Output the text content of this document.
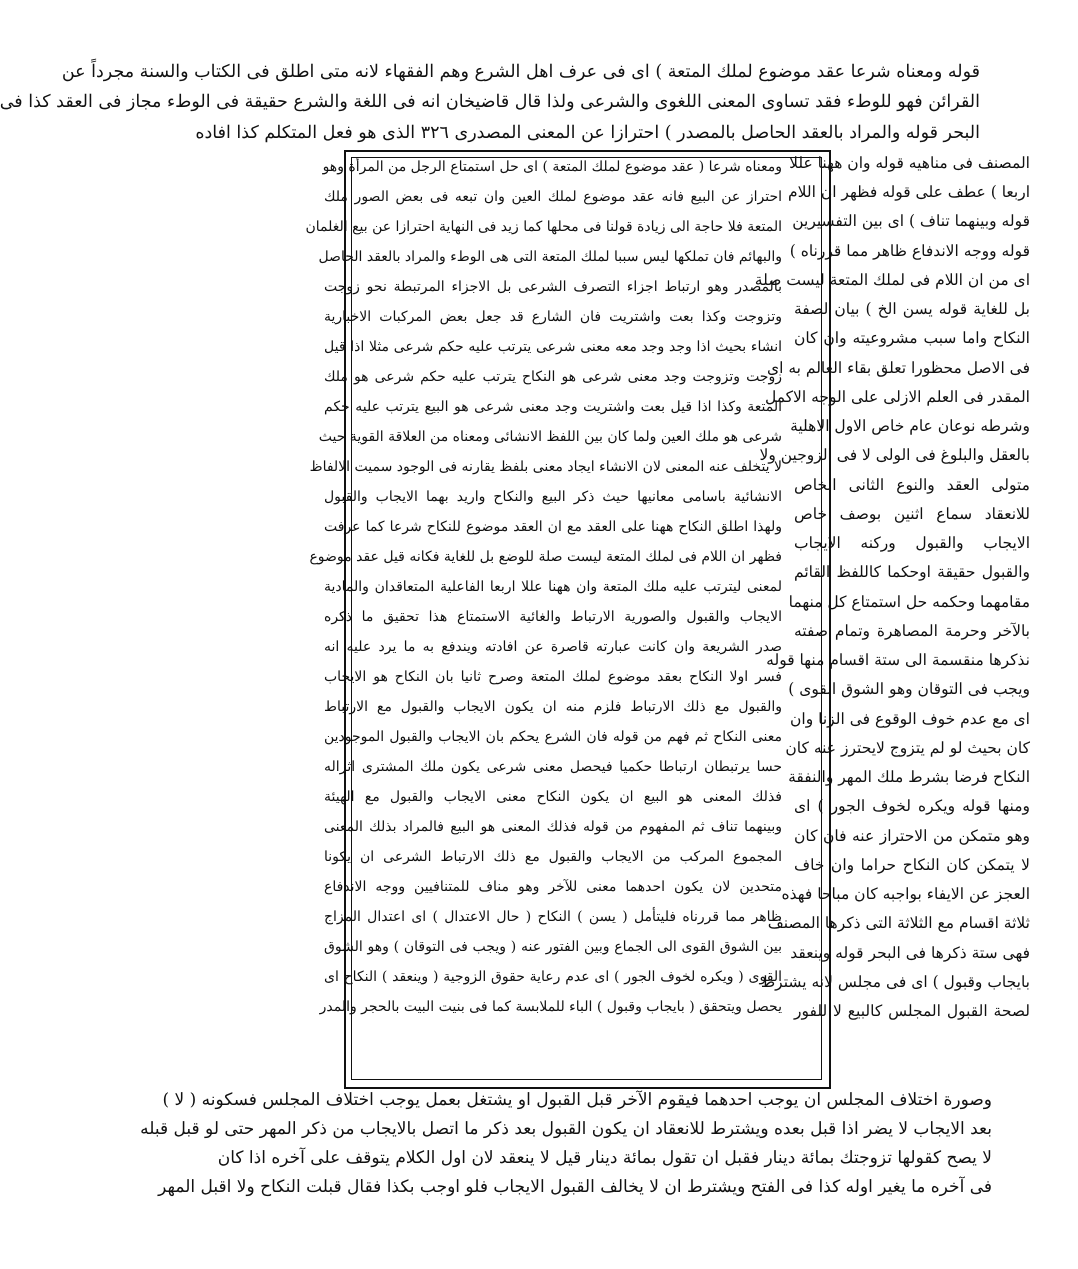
قوله ومعناه شرعا عقد موضوع لملك المتعة ) اى فى عرف اهل الشرع وهم الفقهاء لانه متى اطلق فى الكتاب والسنة مجرداً عن
القرائن فهو للوطء فقد تساوى المعنى اللغوى والشرعى ولذا قال قاضيخان انه فى اللغة والشرع حقيقة فى الوطء مجاز فى العقد كذا فى
البحر قوله والمراد بالعقد الحاصل بالمصدر ) احترازا عن المعنى المصدرى ٣٢٦ الذى هو فعل المتكلم كذا افاده
المصنف فى مناهيه قوله وان ههنا عللا
اربعا ) عطف على قوله فظهر ان اللام
قوله وبينهما تناف ) اى بين التفسيرين
قوله ووجه الاندفاع ظاهر مما قررناه )
اى من ان اللام فى لملك المتعة ليست صلة
بل للغاية قوله يسن الخ ) بيان لصفة
النكاح واما سبب مشروعيته وان كان
فى الاصل محظورا تعلق بقاء العالم به اى
المقدر فى العلم الازلى على الوجه الاكمل
وشرطه نوعان عام خاص الاول الاهلية
بالعقل والبلوغ فى الولى لا فى الزوجين ولا
متولى العقد والنوع الثانى الخاص
للانعقاد سماع اثنين بوصف خاص
الايجاب والقبول وركنه الايجاب
والقبول حقيقة اوحكما كاللفظ القائم
مقامهما وحكمه حل استمتاع كل منهما
بالآخر وحرمة المصاهرة وتمام صفته
نذكرها منقسمة الى ستة اقسام منها قوله
ويجب فى التوقان وهو الشوق القوى )
اى مع عدم خوف الوقوع فى الزنا وان
كان بحيث لو لم يتزوج لايحترز عنه كان
النكاح فرضا بشرط ملك المهر والنفقة
ومنها قوله ويكره لخوف الجور ) اى
وهو متمكن من الاحتراز عنه فان كان
لا يتمكن كان النكاح حراما وان خاف
العجز عن الايفاء بواجبه كان مباحا فهذه
ثلاثة اقسام مع الثلاثة التى ذكرها المصنف
فهى ستة ذكرها فى البحر قوله وينعقد
بايجاب وقبول ) اى فى مجلس لانه يشترط
لصحة القبول المجلس كالبيع لا للفور
ومعناه شرعا ( عقد موضوع لملك المتعة ) اى حل استمتاع الرجل من المرأة وهو
احتراز عن البيع فانه عقد موضوع لملك العين وان تبعه فى بعض الصور ملك
المتعة فلا حاجة الى زيادة قولنا فى محلها كما زيد فى النهاية احترازا عن بيع الغلمان
والبهائم فان تملكها ليس سببا لملك المتعة التى هى الوطء والمراد بالعقد الحاصل
بالمصدر وهو ارتباط اجزاء التصرف الشرعى بل الاجزاء المرتبطة نحو زوجت
وتزوجت وكذا بعت واشتريت فان الشارع قد جعل بعض المركبات الاخبارية
انشاء بحيث اذا وجد وجد معه معنى شرعى يترتب عليه حكم شرعى مثلا اذا قيل
زوجت وتزوجت وجد معنى شرعى هو النكاح يترتب عليه حكم شرعى هو ملك
المتعة وكذا اذا قيل بعت واشتريت وجد معنى شرعى هو البيع يترتب عليه حكم
شرعى هو ملك العين ولما كان بين اللفظ الانشائى ومعناه من العلاقة القوية حيث
لا يتخلف عنه المعنى لان الانشاء ايجاد معنى بلفظ يقارنه فى الوجود سميت الالفاظ
الانشائية باسامى معانيها حيث ذكر البيع والنكاح واريد بهما الايجاب والقبول
ولهذا اطلق النكاح ههنا على العقد مع ان العقد موضوع للنكاح شرعا كما عرفت
فظهر ان اللام فى لملك المتعة ليست صلة للوضع بل للغاية فكانه قيل عقد موضوع
لمعنى ليترتب عليه ملك المتعة وان ههنا عللا اربعا الفاعلية المتعاقدان والمادية
الايجاب والقبول والصورية الارتباط والغائية الاستمتاع هذا تحقيق ما ذكره
صدر الشريعة وان كانت عبارته قاصرة عن افادته ويندفع به ما يرد عليه انه
فسر اولا النكاح بعقد موضوع لملك المتعة وصرح ثانيا بان النكاح هو الايجاب
والقبول مع ذلك الارتباط فلزم منه ان يكون الايجاب والقبول مع الارتباط
معنى النكاح ثم فهم من قوله فان الشرع يحكم بان الايجاب والقبول الموجودين
حسا يرتبطان ارتباطا حكميا فيحصل معنى شرعى يكون ملك المشترى اثراله
فذلك المعنى هو البيع ان يكون النكاح معنى الايجاب والقبول مع الهيئة
وبينهما تناف ثم المفهوم من قوله فذلك المعنى هو البيع فالمراد بذلك المعنى
المجموع المركب من الايجاب والقبول مع ذلك الارتباط الشرعى ان يكونا
متحدين لان يكون احدهما معنى للآخر وهو مناف للمتنافيين ووجه الاندفاع
ظاهر مما قررناه فليتأمل ( يسن ) النكاح ( حال الاعتدال ) اى اعتدال المزاج
بين الشوق القوى الى الجماع وبين الفتور عنه ( ويجب فى التوقان ) وهو الشوق
القوى ( ويكره لخوف الجور ) اى عدم رعاية حقوق الزوجية ( وينعقد ) النكاح اى
يحصل ويتحقق ( بايجاب وقبول ) الباء للملابسة كما فى بنيت البيت بالحجر والمدر
وصورة اختلاف المجلس ان يوجب احدهما فيقوم الآخر قبل القبول او يشتغل بعمل يوجب اختلاف المجلس فسكونه ( لا )
بعد الايجاب لا يضر اذا قبل بعده ويشترط للانعقاد ان يكون القبول بعد ذكر ما اتصل بالايجاب من ذكر المهر حتى لو قبل قبله
لا يصح كقولها تزوجتك بمائة دينار فقبل ان تقول بمائة دينار قيل لا ينعقد لان اول الكلام يتوقف على آخره اذا كان
فى آخره ما يغير اوله كذا فى الفتح ويشترط ان لا يخالف القبول الايجاب فلو اوجب بكذا فقال قبلت النكاح ولا اقبل المهر
